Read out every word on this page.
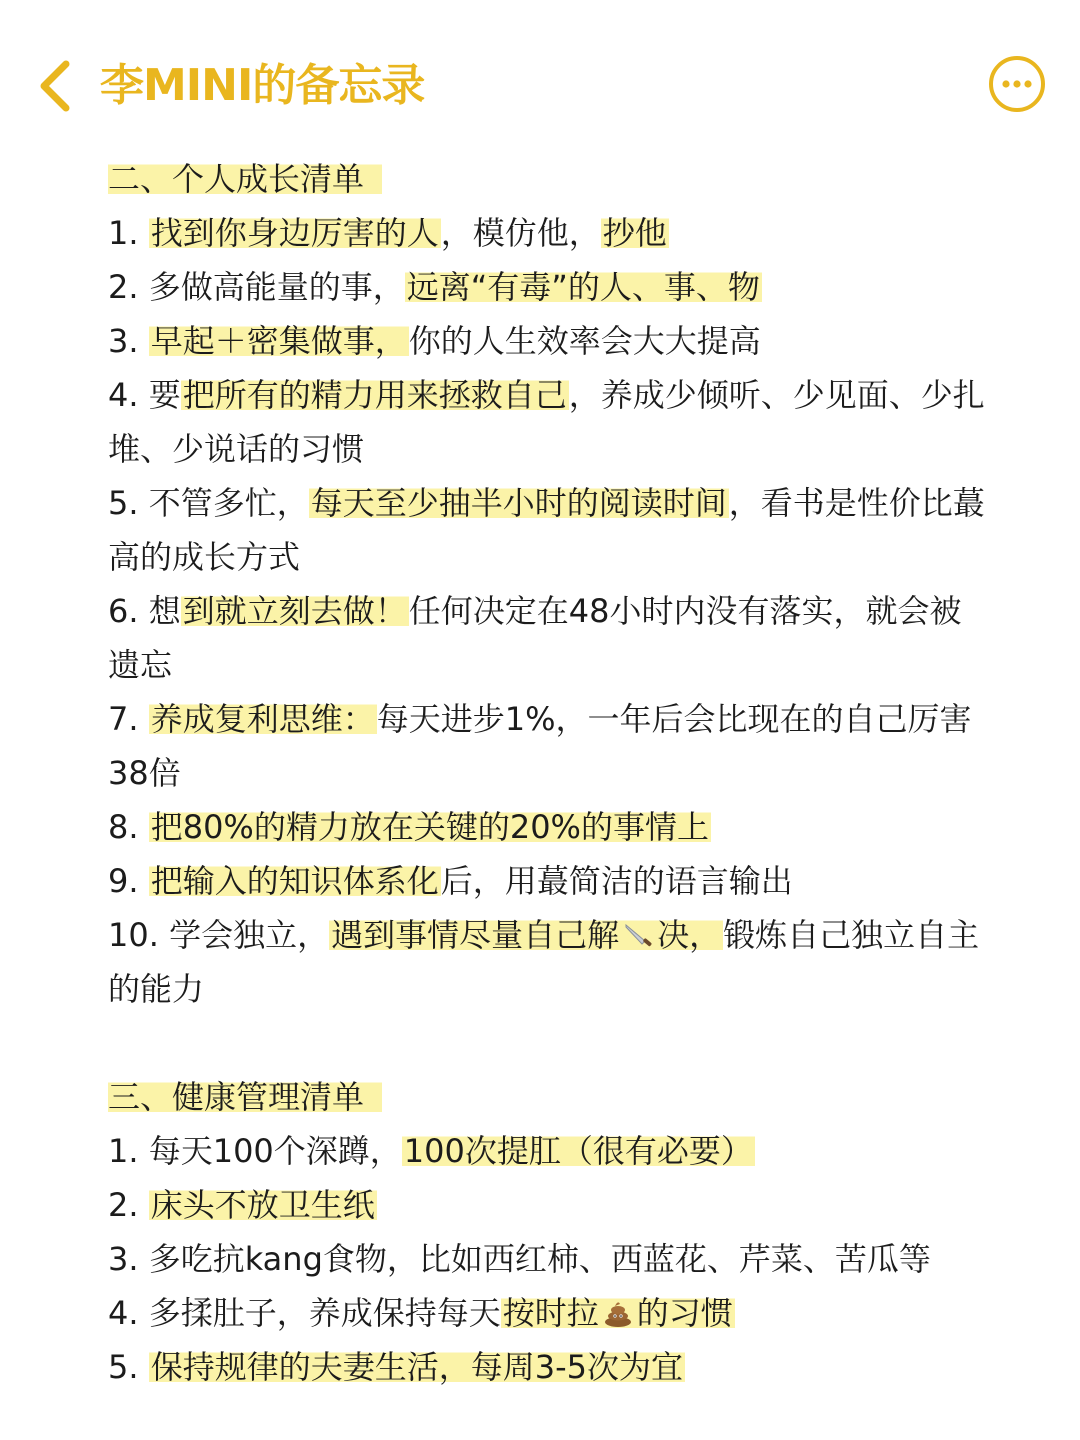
李MINI的备忘录
二、个人成长清单
1. 找到你身边厉害的人，模仿他，抄他
2. 多做高能量的事，远离“有毒”的人、事、物
3. 早起＋密集做事，你的人生效率会大大提高
4. 要把所有的精力用来拯救自己，养成少倾听、少见面、少扎堆、少说话的习惯
5. 不管多忙，每天至少抽半小时的阅读时间，看书是性价比蕞高的成长方式
6. 想到就立刻去做！任何决定在48小时内没有落实，就会被遗忘
7. 养成复利思维：每天进步1%，一年后会比现在的自己厉害38倍
8. 把80%的精力放在关键的20%的事情上
9. 把输入的知识体系化后，用蕞简洁的语言输出
10. 学会独立，遇到事情尽量自己解 决，锻炼自己独立自主的能力
三、健康管理清单
1. 每天100个深蹲，100次提肛（很有必要）
2. 床头不放卫生纸
3. 多吃抗kang食物，比如西红柿、西蓝花、芹菜、苦瓜等
4. 多揉肚子，养成保持每天按时拉 的习惯
5. 保持规律的夫妻生活，每周3-5次为宜
